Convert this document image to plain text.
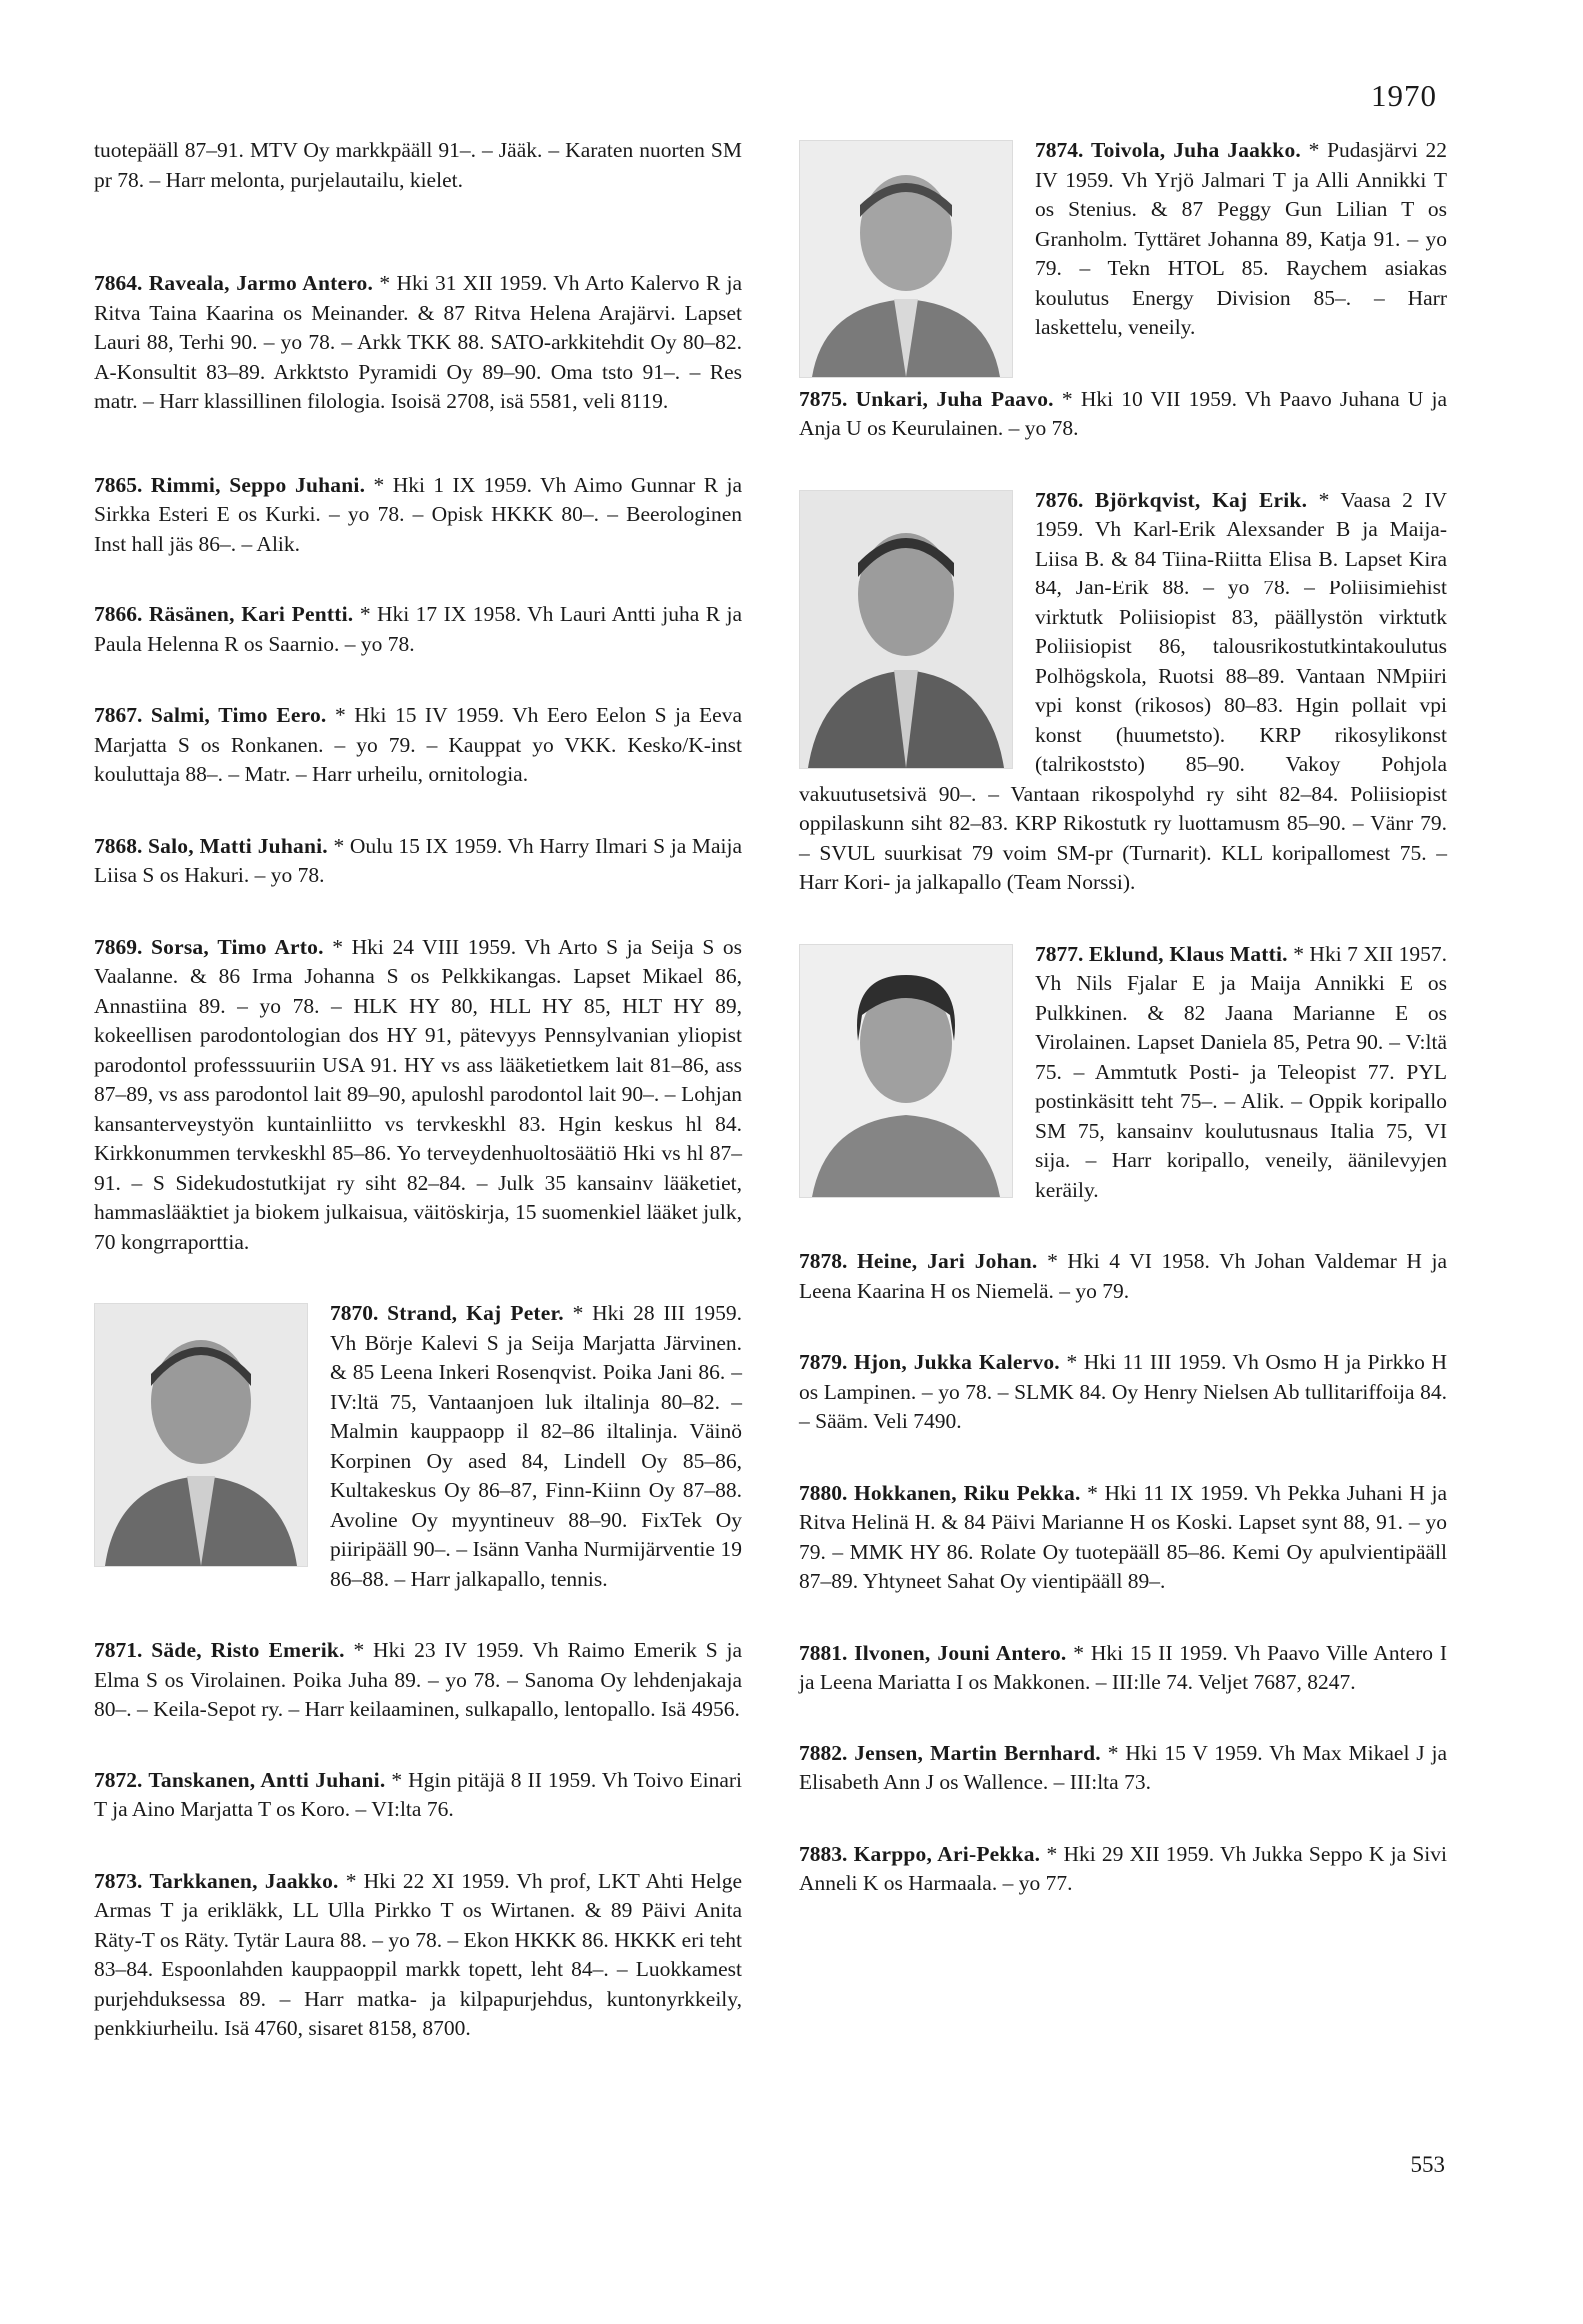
1970

tuotepääll 87–91. MTV Oy markkpääll 91–. – Jääk. – Karaten nuorten SM pr 78. – Harr melonta, purjelautailu, kielet.

7864. Raveala, Jarmo Antero. * Hki 31 XII 1959. Vh Arto Kalervo R ja Ritva Taina Kaarina os Meinander. & 87 Ritva Helena Arajärvi. Lapset Lauri 88, Terhi 90. – yo 78. – Arkk TKK 88. SATO-arkkitehdit Oy 80–82. A-Konsultit 83–89. Arkktsto Pyramidi Oy 89–90. Oma tsto 91–. – Res matr. – Harr klassillinen filologia. Isoisä 2708, isä 5581, veli 8119.

7865. Rimmi, Seppo Juhani. * Hki 1 IX 1959. Vh Aimo Gunnar R ja Sirkka Esteri E os Kurki. – yo 78. – Opisk HKKK 80–. – Beerologinen Inst hall jäs 86–. – Alik.

7866. Räsänen, Kari Pentti. * Hki 17 IX 1958. Vh Lauri Antti juha R ja Paula Helenna R os Saarnio. – yo 78.

7867. Salmi, Timo Eero. * Hki 15 IV 1959. Vh Eero Eelon S ja Eeva Marjatta S os Ronkanen. – yo 79. – Kauppat yo VKK. Kesko/K-inst kouluttaja 88–. – Matr. – Harr urheilu, ornitologia.

7868. Salo, Matti Juhani. * Oulu 15 IX 1959. Vh Harry Ilmari S ja Maija Liisa S os Hakuri. – yo 78.

7869. Sorsa, Timo Arto. * Hki 24 VIII 1959. Vh Arto S ja Seija S os Vaalanne. & 86 Irma Johanna S os Pelkkikangas. Lapset Mikael 86, Annastiina 89. – yo 78. – HLK HY 80, HLL HY 85, HLT HY 89, kokeellisen parodontologian dos HY 91, pätevyys Pennsylvanian yliopist parodontol professsuuriin USA 91. HY vs ass lääketietkem lait 81–86, ass 87–89, vs ass parodontol lait 89–90, apuloshl parodontol lait 90–. – Lohjan kansanterveystyön kuntainliitto vs tervkeskhl 83. Hgin keskus hl 84. Kirkkonummen tervkeskhl 85–86. Yo terveydenhuoltosäätiö Hki vs hl 87–91. – S Sidekudostutkijat ry siht 82–84. – Julk 35 kansainv lääketiet, hammaslääktiet ja biokem julkaisua, väitöskirja, 15 suomenkiel lääket julk, 70 kongrraporttia.

7870. Strand, Kaj Peter. * Hki 28 III 1959. Vh Börje Kalevi S ja Seija Marjatta Järvinen. & 85 Leena Inkeri Rosenqvist. Poika Jani 86. – IV:ltä 75, Vantaanjoen luk iltalinja 80–82. – Malmin kauppaopp il 82–86 iltalinja. Väinö Korpinen Oy ased 84, Lindell Oy 85–86, Kultakeskus Oy 86–87, Finn-Kiinn Oy 87–88. Avoline Oy myyntineuv 88–90. FixTek Oy piiripääll 90–. – Isänn Vanha Nurmijärventie 19 86–88. – Harr jalkapallo, tennis.

7871. Säde, Risto Emerik. * Hki 23 IV 1959. Vh Raimo Emerik S ja Elma S os Virolainen. Poika Juha 89. – yo 78. – Sanoma Oy lehdenjakaja 80–. – Keila-Sepot ry. – Harr keilaaminen, sulkapallo, lentopallo. Isä 4956.

7872. Tanskanen, Antti Juhani. * Hgin pitäjä 8 II 1959. Vh Toivo Einari T ja Aino Marjatta T os Koro. – VI:lta 76.

7873. Tarkkanen, Jaakko. * Hki 22 XI 1959. Vh prof, LKT Ahti Helge Armas T ja erikläkk, LL Ulla Pirkko T os Wirtanen. & 89 Päivi Anita Räty-T os Räty. Tytär Laura 88. – yo 78. – Ekon HKKK 86. HKKK eri teht 83–84. Espoonlahden kauppaoppil markk topett, leht 84–. – Luokkamest purjehduksessa 89. – Harr matka- ja kilpapurjehdus, kuntonyrkkeily, penkkiurheilu. Isä 4760, sisaret 8158, 8700.

7874. Toivola, Juha Jaakko. * Pudasjärvi 22 IV 1959. Vh Yrjö Jalmari T ja Alli Annikki T os Stenius. & 87 Peggy Gun Lilian T os Granholm. Tyttäret Johanna 89, Katja 91. – yo 79. – Tekn HTOL 85. Raychem asiakas koulutus Energy Division 85–. – Harr laskettelu, veneily.

7875. Unkari, Juha Paavo. * Hki 10 VII 1959. Vh Paavo Juhana U ja Anja U os Keurulainen. – yo 78.

7876. Björkqvist, Kaj Erik. * Vaasa 2 IV 1959. Vh Karl-Erik Alexsander B ja Maija-Liisa B. & 84 Tiina-Riitta Elisa B. Lapset Kira 84, Jan-Erik 88. – yo 78. – Poliisimiehist virktutk Poliisiopist 83, päällystön virktutk Poliisiopist 86, talousrikostutkintakoulutus Polhögskola, Ruotsi 88–89. Vantaan NMpiiri vpi konst (rikosos) 80–83. Hgin pollait vpi konst (huumetsto). KRP rikosylikonst (talrikoststo) 85–90. Vakoy Pohjola vakuutusetsivä 90–. – Vantaan rikospolyhd ry siht 82–84. Poliisiopist oppilaskunn siht 82–83. KRP Rikostutk ry luottamusm 85–90. – Vänr 79. – SVUL suurkisat 79 voim SM-pr (Turnarit). KLL koripallomest 75. – Harr Kori- ja jalkapallo (Team Norssi).
7877. Eklund, Klaus Matti. * Hki 7 XII 1957. Vh Nils Fjalar E ja Maija Annikki E os Pulkkinen. & 82 Jaana Marianne E os Virolainen. Lapset Daniela 85, Petra 90. – V:ltä 75. – Ammtutk Posti- ja Teleopist 77. PYL postinkäsitt teht 75–. – Alik. – Oppik koripallo SM 75, kansainv koulutusnaus Italia 75, VI sija. – Harr koripallo, veneily, äänilevyjen keräily.

7878. Heine, Jari Johan. * Hki 4 VI 1958. Vh Johan Valdemar H ja Leena Kaarina H os Niemelä. – yo 79.

7879. Hjon, Jukka Kalervo. * Hki 11 III 1959. Vh Osmo H ja Pirkko H os Lampinen. – yo 78. – SLMK 84. Oy Henry Nielsen Ab tullitariffoija 84. – Sääm. Veli 7490.

7880. Hokkanen, Riku Pekka. * Hki 11 IX 1959. Vh Pekka Juhani H ja Ritva Helinä H. & 84 Päivi Marianne H os Koski. Lapset synt 88, 91. – yo 79. – MMK HY 86. Rolate Oy tuotepääll 85–86. Kemi Oy apulvientipääll 87–89. Yhtyneet Sahat Oy vientipääll 89–.

7881. Ilvonen, Jouni Antero. * Hki 15 II 1959. Vh Paavo Ville Antero I ja Leena Mariatta I os Makkonen. – III:lle 74. Veljet 7687, 8247.

7882. Jensen, Martin Bernhard. * Hki 15 V 1959. Vh Max Mikael J ja Elisabeth Ann J os Wallence. – III:lta 73.

7883. Karppo, Ari-Pekka. * Hki 29 XII 1959. Vh Jukka Seppo K ja Sivi Anneli K os Harmaala. – yo 77.

553
